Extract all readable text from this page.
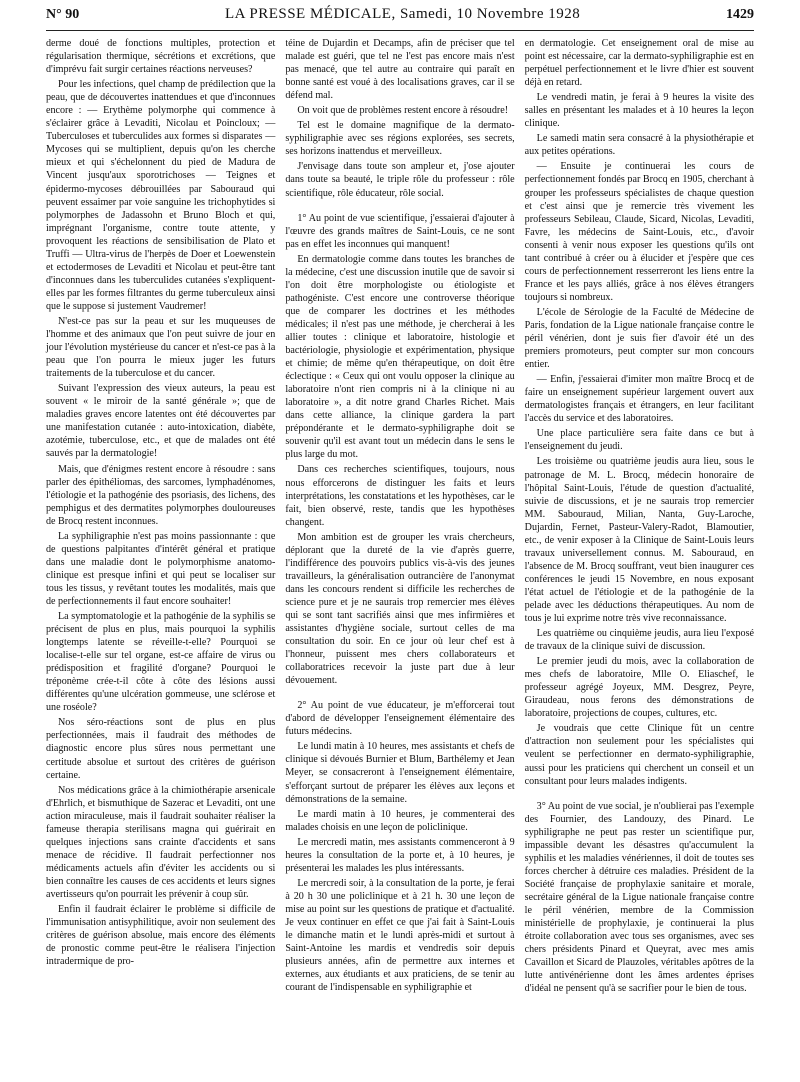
N° 90	LA PRESSE MÉDICALE, Samedi, 10 Novembre 1928	1429

derme doué de fonctions multiples, protection et régularisation thermique, sécrétions et excrétions, que d'imprévu fait surgir certaines réactions nerveuses?

Pour les infections, quel champ de prédilection que la peau, que de découvertes inattendues et que d'inconnues encore : — Erythème polymorphe qui commence à s'éclairer grâce à Levaditi, Nicolau et Poincloux; — Tuberculoses et tuberculides aux formes si disparates — Mycoses qui se multiplient, depuis qu'on les cherche mieux et qui s'échelonnent du pied de Madura de Vincent jusqu'aux sporotrichoses — Teignes et épidermo-mycoses débrouillées par Sabouraud qui peuvent essaimer par voie sanguine les trichophytides si polymorphes de Jadassohn et Bruno Bloch et qui, imprégnant l'organisme, contre toute attente, y provoquent les réactions de sensibilisation de Plato et Truffi — Ultra-virus de l'herpès de Doer et Loewenstein et ectodermoses de Levaditi et Nicolau et peut-être tant d'inconnues dans les tuberculides cutanées s'expliquent-elles par les formes filtrantes du germe tuberculeux ainsi que le suppose si justement Vaudremer!

N'est-ce pas sur la peau et sur les muqueuses de l'homme et des animaux que l'on peut suivre de jour en jour l'évolution mystérieuse du cancer et n'est-ce pas à la peau que l'on pourra le mieux juger les futurs traitements de la tuberculose et du cancer.

Suivant l'expression des vieux auteurs, la peau est souvent « le miroir de la santé générale »; que de maladies graves encore latentes ont été découvertes par une manifestation cutanée : auto-intoxication, diabète, azotémie, tuberculose, etc., et que de malades ont été sauvés par la dermatologie!

Mais, que d'énigmes restent encore à résoudre : sans parler des épithéliomas, des sarcomes, lymphadénomes, l'étiologie et la pathogénie des psoriasis, des lichens, des pemphigus et des dermatites polymorphes douloureuses de Brocq restent inconnues.

La syphiligraphie n'est pas moins passionnante : que de questions palpitantes d'intérêt général et pratique dans une maladie dont le polymorphisme anatomo-clinique est presque infini et qui peut se localiser sur tous les tissus, y revêtant toutes les modalités, mais que de perfectionnements il faut encore souhaiter!

La symptomatologie et la pathogénie de la syphilis se précisent de plus en plus, mais pourquoi la syphilis longtemps latente se réveille-t-elle? Pourquoi se localise-t-elle sur tel organe, est-ce affaire de virus ou prédisposition et fragilité d'organe? Pourquoi le tréponème crée-t-il côte à côte des lésions aussi différentes qu'une ulcération gommeuse, une sclérose et une roséole?

Nos séro-réactions sont de plus en plus perfectionnées, mais il faudrait des méthodes de diagnostic encore plus sûres nous permettant une certitude absolue et surtout des critères de guérison certaine.

Nos médications grâce à la chimiothérapie arsenicale d'Ehrlich, et bismuthique de Sazerac et Levaditi, ont une action miraculeuse, mais il faudrait souhaiter réaliser la fameuse therapia sterilisans magna qui guérirait en quelques injections sans crainte d'accidents et sans menace de récidive. Il faudrait perfectionner nos médicaments actuels afin d'éviter les accidents ou si bien connaître les causes de ces accidents et leurs signes avertisseurs qu'on pourrait les prévenir à coup sûr.

Enfin il faudrait éclairer le problème si difficile de l'immunisation antisyphilitique, avoir non seulement des critères de guérison absolue, mais encore des éléments de pronostic comme peut-être le réalisera l'injection intradermique de pro-

téine de Dujardin et Decamps, afin de préciser que tel malade est guéri, que tel ne l'est pas encore mais n'est pas menacé, que tel autre au contraire qui paraît en bonne santé est voué à des localisations graves, car il se défend mal.

On voit que de problèmes restent encore à résoudre!

Tel est le domaine magnifique de la dermato-syphiligraphie avec ses régions explorées, ses secrets, ses horizons inattendus et merveilleux.

J'envisage dans toute son ampleur et, j'ose ajouter dans toute sa beauté, le triple rôle du professeur : rôle scientifique, rôle éducateur, rôle social.

1° Au point de vue scientifique, j'essaierai d'ajouter à l'œuvre des grands maîtres de Saint-Louis, ce ne sont pas en effet les inconnues qui manquent!

En dermatologie comme dans toutes les branches de la médecine, c'est une discussion inutile que de savoir si l'on doit être morphologiste ou étiologiste et pathogéniste. C'est encore une controverse théorique que de comparer les doctrines et les méthodes médicales; il n'est pas une méthode, je chercherai à les allier toutes : clinique et laboratoire, histologie et bactériologie, physiologie et expérimentation, physique et chimie; de même qu'en thérapeutique, on doit être éclectique : « Ceux qui ont voulu opposer la clinique au laboratoire n'ont rien compris ni à la clinique ni au laboratoire », a dit notre grand Charles Richet. Mais dans cette alliance, la clinique gardera la part prépondérante et le dermato-syphiligraphe doit se souvenir qu'il est avant tout un médecin dans le sens le plus large du mot.

Dans ces recherches scientifiques, toujours, nous nous efforcerons de distinguer les faits et leurs interprétations, les constatations et les hypothèses, car le fait, bien observé, reste, tandis que les hypothèses changent.

Mon ambition est de grouper les vrais chercheurs, déplorant que la dureté de la vie d'après guerre, l'indifférence des pouvoirs publics vis-à-vis des jeunes travailleurs, la généralisation outrancière de l'anonymat dans les concours rendent si difficile les recherches de science pure et je ne saurais trop remercier mes élèves qui se sont tant sacrifiés ainsi que mes infirmières et assistantes d'hygiène sociale, surtout celles de ma consultation du soir. En ce jour où leur chef est à l'honneur, puissent mes chers collaborateurs et collaboratrices recevoir la juste part due à leur dévouement.

2° Au point de vue éducateur, je m'efforcerai tout d'abord de développer l'enseignement élémentaire des futurs médecins.

Le lundi matin à 10 heures, mes assistants et chefs de clinique si dévoués Burnier et Blum, Barthélemy et Jean Meyer, se consacreront à l'enseignement élémentaire, s'efforçant surtout de préparer les élèves aux leçons et démonstrations de la semaine.

Le mardi matin à 10 heures, je commenterai des malades choisis en une leçon de policlinique.

Le mercredi matin, mes assistants commenceront à 9 heures la consultation de la porte et, à 10 heures, je présenterai les malades les plus intéressants.

Le mercredi soir, à la consultation de la porte, je ferai à 20 h 30 une policlinique et à 21 h. 30 une leçon de mise au point sur les questions de pratique et d'actualité. Je veux continuer en effet ce que j'ai fait à Saint-Louis le dimanche matin et le lundi après-midi et surtout à Saint-Antoine les mardis et vendredis soir depuis plusieurs années, afin de permettre aux internes et externes, aux étudiants et aux praticiens, de se tenir au courant de l'indispensable en syphiligraphie et

en dermatologie. Cet enseignement oral de mise au point est nécessaire, car la dermato-syphiligraphie est en perpétuel perfectionnement et le livre d'hier est souvent déjà en retard.

Le vendredi matin, je ferai à 9 heures la visite des salles en présentant les malades et à 10 heures la leçon clinique.

Le samedi matin sera consacré à la physiothérapie et aux petites opérations.

— Ensuite je continuerai les cours de perfectionnement fondés par Brocq en 1905, cherchant à grouper les professeurs spécialistes de chaque question et c'est ainsi que je remercie très vivement les professeurs Sebileau, Claude, Sicard, Nicolas, Levaditi, Favre, les médecins de Saint-Louis, etc., d'avoir consenti à venir nous exposer les questions qu'ils ont tant contribué à créer ou à élucider et j'espère que ces cours de perfectionnement resserreront les liens entre la France et les pays alliés, grâce à nos élèves étrangers toujours si nombreux.

L'école de Sérologie de la Faculté de Médecine de Paris, fondation de la Ligue nationale française contre le péril vénérien, dont je suis fier d'avoir été un des premiers promoteurs, peut compter sur mon concours entier.

— Enfin, j'essaierai d'imiter mon maître Brocq et de faire un enseignement supérieur largement ouvert aux dermatologistes français et étrangers, en leur facilitant l'accès du service et des laboratoires.

Une place particulière sera faite dans ce but à l'enseignement du jeudi.

Les troisième ou quatrième jeudis aura lieu, sous le patronage de M. L. Brocq, médecin honoraire de l'hôpital Saint-Louis, l'étude de question d'actualité, suivie de discussions, et je ne saurais trop remercier MM. Sabouraud, Milian, Nanta, Guy-Laroche, Dujardin, Fernet, Pasteur-Valery-Radot, Blamoutier, etc., de venir exposer à la Clinique de Saint-Louis leurs travaux universellement connus. M. Sabouraud, en l'absence de M. Brocq souffrant, veut bien inaugurer ces conférences le jeudi 15 Novembre, en nous exposant l'état actuel de l'étiologie et de la pathogénie de la pelade avec les déductions thérapeutiques. Au nom de tous je lui exprime notre très vive reconnaissance.

Les quatrième ou cinquième jeudis, aura lieu l'exposé de travaux de la clinique suivi de discussion.

Le premier jeudi du mois, avec la collaboration de mes chefs de laboratoire, Mlle O. Eliaschef, le professeur agrégé Joyeux, MM. Desgrez, Peyre, Giraudeau, nous ferons des démonstrations de laboratoire, projections de coupes, cultures, etc.

Je voudrais que cette Clinique fût un centre d'attraction non seulement pour les spécialistes qui veulent se perfectionner en dermato-syphiligraphie, aussi pour les praticiens qui cherchent un conseil et un consultant pour leurs malades indigents.

3° Au point de vue social, je n'oublierai pas l'exemple des Fournier, des Landouzy, des Pinard. Le syphiligraphe ne peut pas rester un scientifique pur, impassible devant les désastres qu'accumulent la syphilis et les maladies vénériennes, il doit de toutes ses forces chercher à détruire ces maladies. Président de la Société française de prophylaxie sanitaire et morale, secrétaire général de la Ligue nationale française contre le péril vénérien, membre de la Commission ministérielle de prophylaxie, je continuerai la plus étroite collaboration avec tous ses organismes, avec ses chers présidents Pinard et Queyrat, avec mes amis Cavaillon et Sicard de Plauzoles, véritables apôtres de la lutte antivénérienne dont les âmes ardentes éprises d'idéal ne pensent qu'à se sacrifier pour le bien de tous.
